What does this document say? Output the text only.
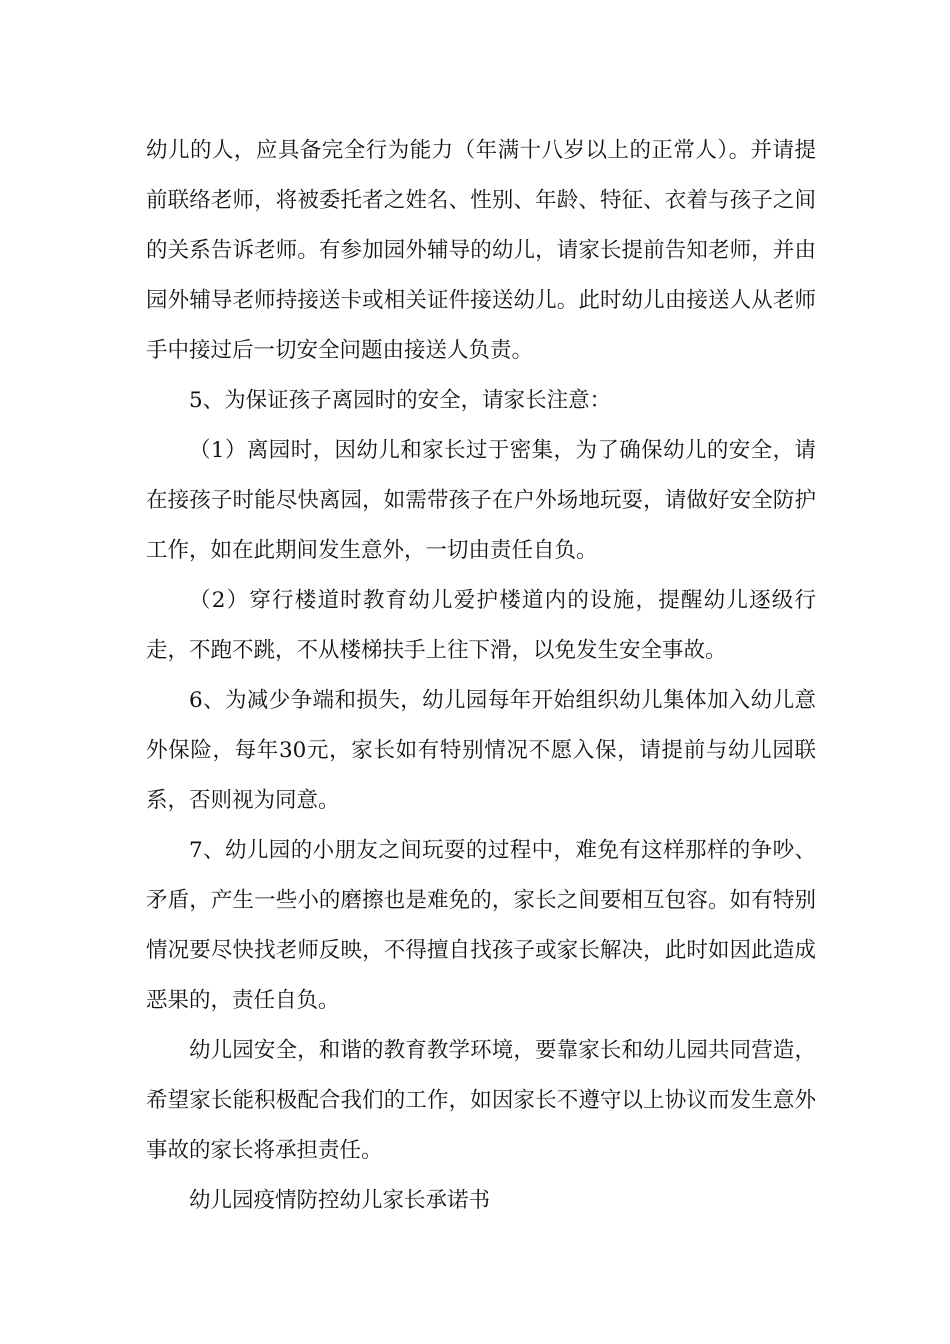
幼儿的人，应具备完全行为能力（年满十八岁以上的正常人）。并请提前联络老师，将被委托者之姓名、性别、年龄、特征、衣着与孩子之间的关系告诉老师。有参加园外辅导的幼儿，请家长提前告知老师，并由园外辅导老师持接送卡或相关证件接送幼儿。此时幼儿由接送人从老师手中接过后一切安全问题由接送人负责。

5、为保证孩子离园时的安全，请家长注意：

（1）离园时，因幼儿和家长过于密集，为了确保幼儿的安全，请在接孩子时能尽快离园，如需带孩子在户外场地玩耍，请做好安全防护工作，如在此期间发生意外，一切由责任自负。

（2）穿行楼道时教育幼儿爱护楼道内的设施，提醒幼儿逐级行走，不跑不跳，不从楼梯扶手上往下滑，以免发生安全事故。

6、为减少争端和损失，幼儿园每年开始组织幼儿集体加入幼儿意外保险，每年30元，家长如有特别情况不愿入保，请提前与幼儿园联系，否则视为同意。

7、幼儿园的小朋友之间玩耍的过程中，难免有这样那样的争吵、矛盾，产生一些小的磨擦也是难免的，家长之间要相互包容。如有特别情况要尽快找老师反映，不得擅自找孩子或家长解决，此时如因此造成恶果的，责任自负。

幼儿园安全，和谐的教育教学环境，要靠家长和幼儿园共同营造，希望家长能积极配合我们的工作，如因家长不遵守以上协议而发生意外事故的家长将承担责任。

幼儿园疫情防控幼儿家长承诺书
